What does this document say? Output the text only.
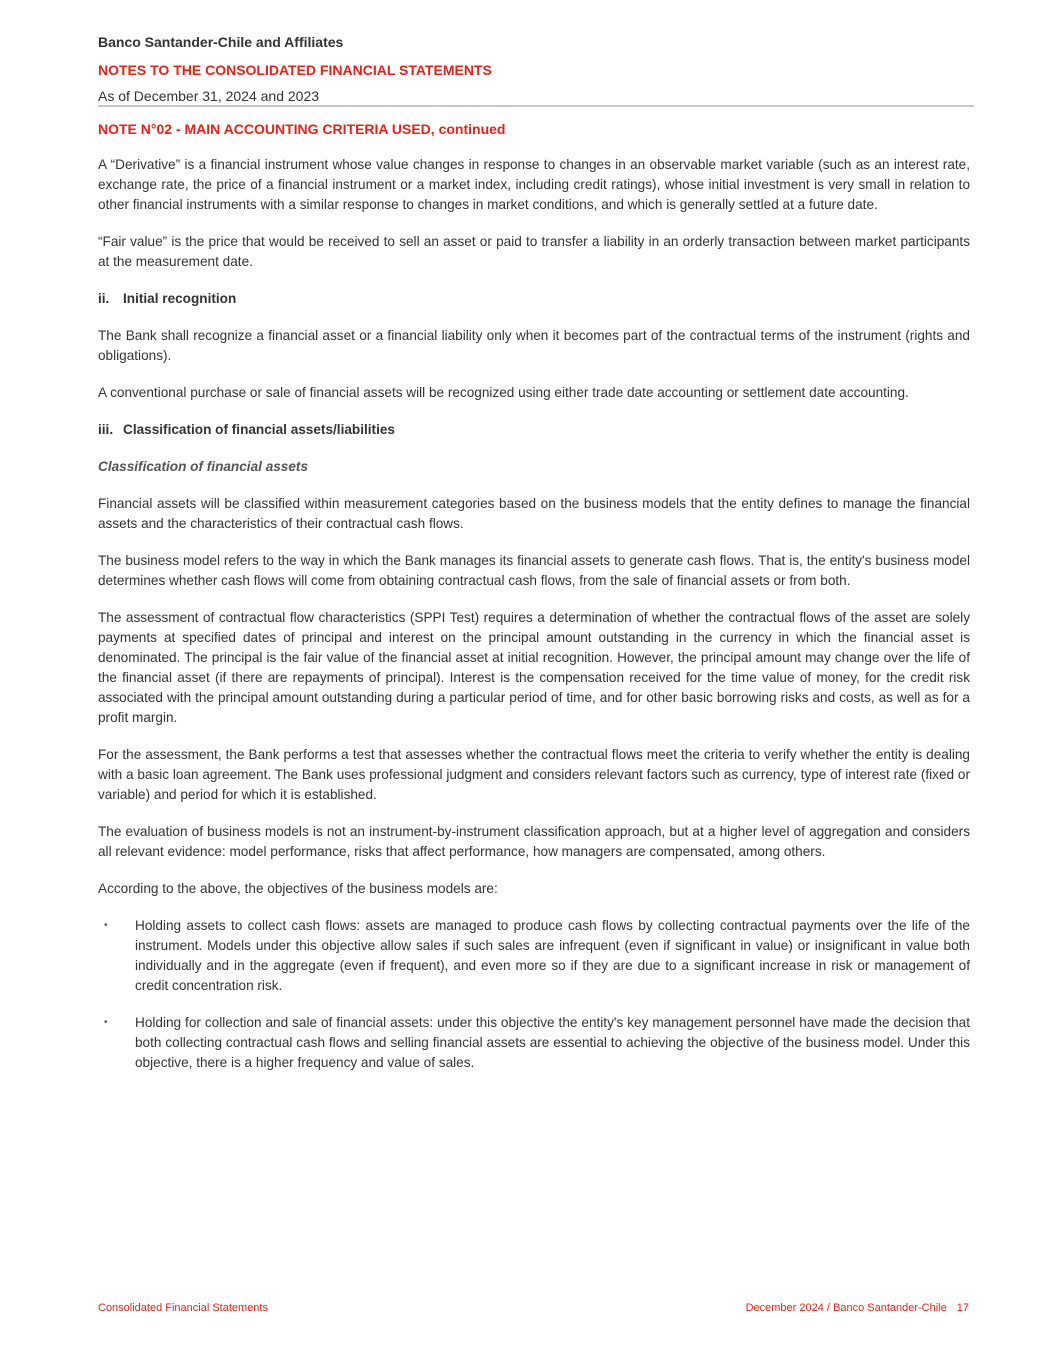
Banco Santander-Chile and Affiliates
NOTES TO THE CONSOLIDATED FINANCIAL STATEMENTS
As of December 31, 2024 and 2023
NOTE N°02 - MAIN ACCOUNTING CRITERIA USED, continued

A “Derivative” is a financial instrument whose value changes in response to changes in an observable market variable (such as an interest rate, exchange rate, the price of a financial instrument or a market index, including credit ratings), whose initial investment is very small in relation to other financial instruments with a similar response to changes in market conditions, and which is generally settled at a future date.

“Fair value” is the price that would be received to sell an asset or paid to transfer a liability in an orderly transaction between market participants at the measurement date.

ii. Initial recognition

The Bank shall recognize a financial asset or a financial liability only when it becomes part of the contractual terms of the instrument (rights and obligations).

A conventional purchase or sale of financial assets will be recognized using either trade date accounting or settlement date accounting.

iii. Classification of financial assets/liabilities
Classification of financial assets

Financial assets will be classified within measurement categories based on the business models that the entity defines to manage the financial assets and the characteristics of their contractual cash flows.

The business model refers to the way in which the Bank manages its financial assets to generate cash flows. That is, the entity's business model determines whether cash flows will come from obtaining contractual cash flows, from the sale of financial assets or from both.

The assessment of contractual flow characteristics (SPPI Test) requires a determination of whether the contractual flows of the asset are solely payments at specified dates of principal and interest on the principal amount outstanding in the currency in which the financial asset is denominated. The principal is the fair value of the financial asset at initial recognition. However, the principal amount may change over the life of the financial asset (if there are repayments of principal). Interest is the compensation received for the time value of money, for the credit risk associated with the principal amount outstanding during a particular period of time, and for other basic borrowing risks and costs, as well as for a profit margin.

For the assessment, the Bank performs a test that assesses whether the contractual flows meet the criteria to verify whether the entity is dealing with a basic loan agreement. The Bank uses professional judgment and considers relevant factors such as currency, type of interest rate (fixed or variable) and period for which it is established.

The evaluation of business models is not an instrument-by-instrument classification approach, but at a higher level of aggregation and considers all relevant evidence: model performance, risks that affect performance, how managers are compensated, among others.

According to the above, the objectives of the business models are:

• Holding assets to collect cash flows: assets are managed to produce cash flows by collecting contractual payments over the life of the instrument. Models under this objective allow sales if such sales are infrequent (even if significant in value) or insignificant in value both individually and in the aggregate (even if frequent), and even more so if they are due to a significant increase in risk or management of credit concentration risk.
• Holding for collection and sale of financial assets: under this objective the entity's key management personnel have made the decision that both collecting contractual cash flows and selling financial assets are essential to achieving the objective of the business model. Under this objective, there is a higher frequency and value of sales.
Consolidated Financial Statements	December 2024 / Banco Santander-Chile 17
